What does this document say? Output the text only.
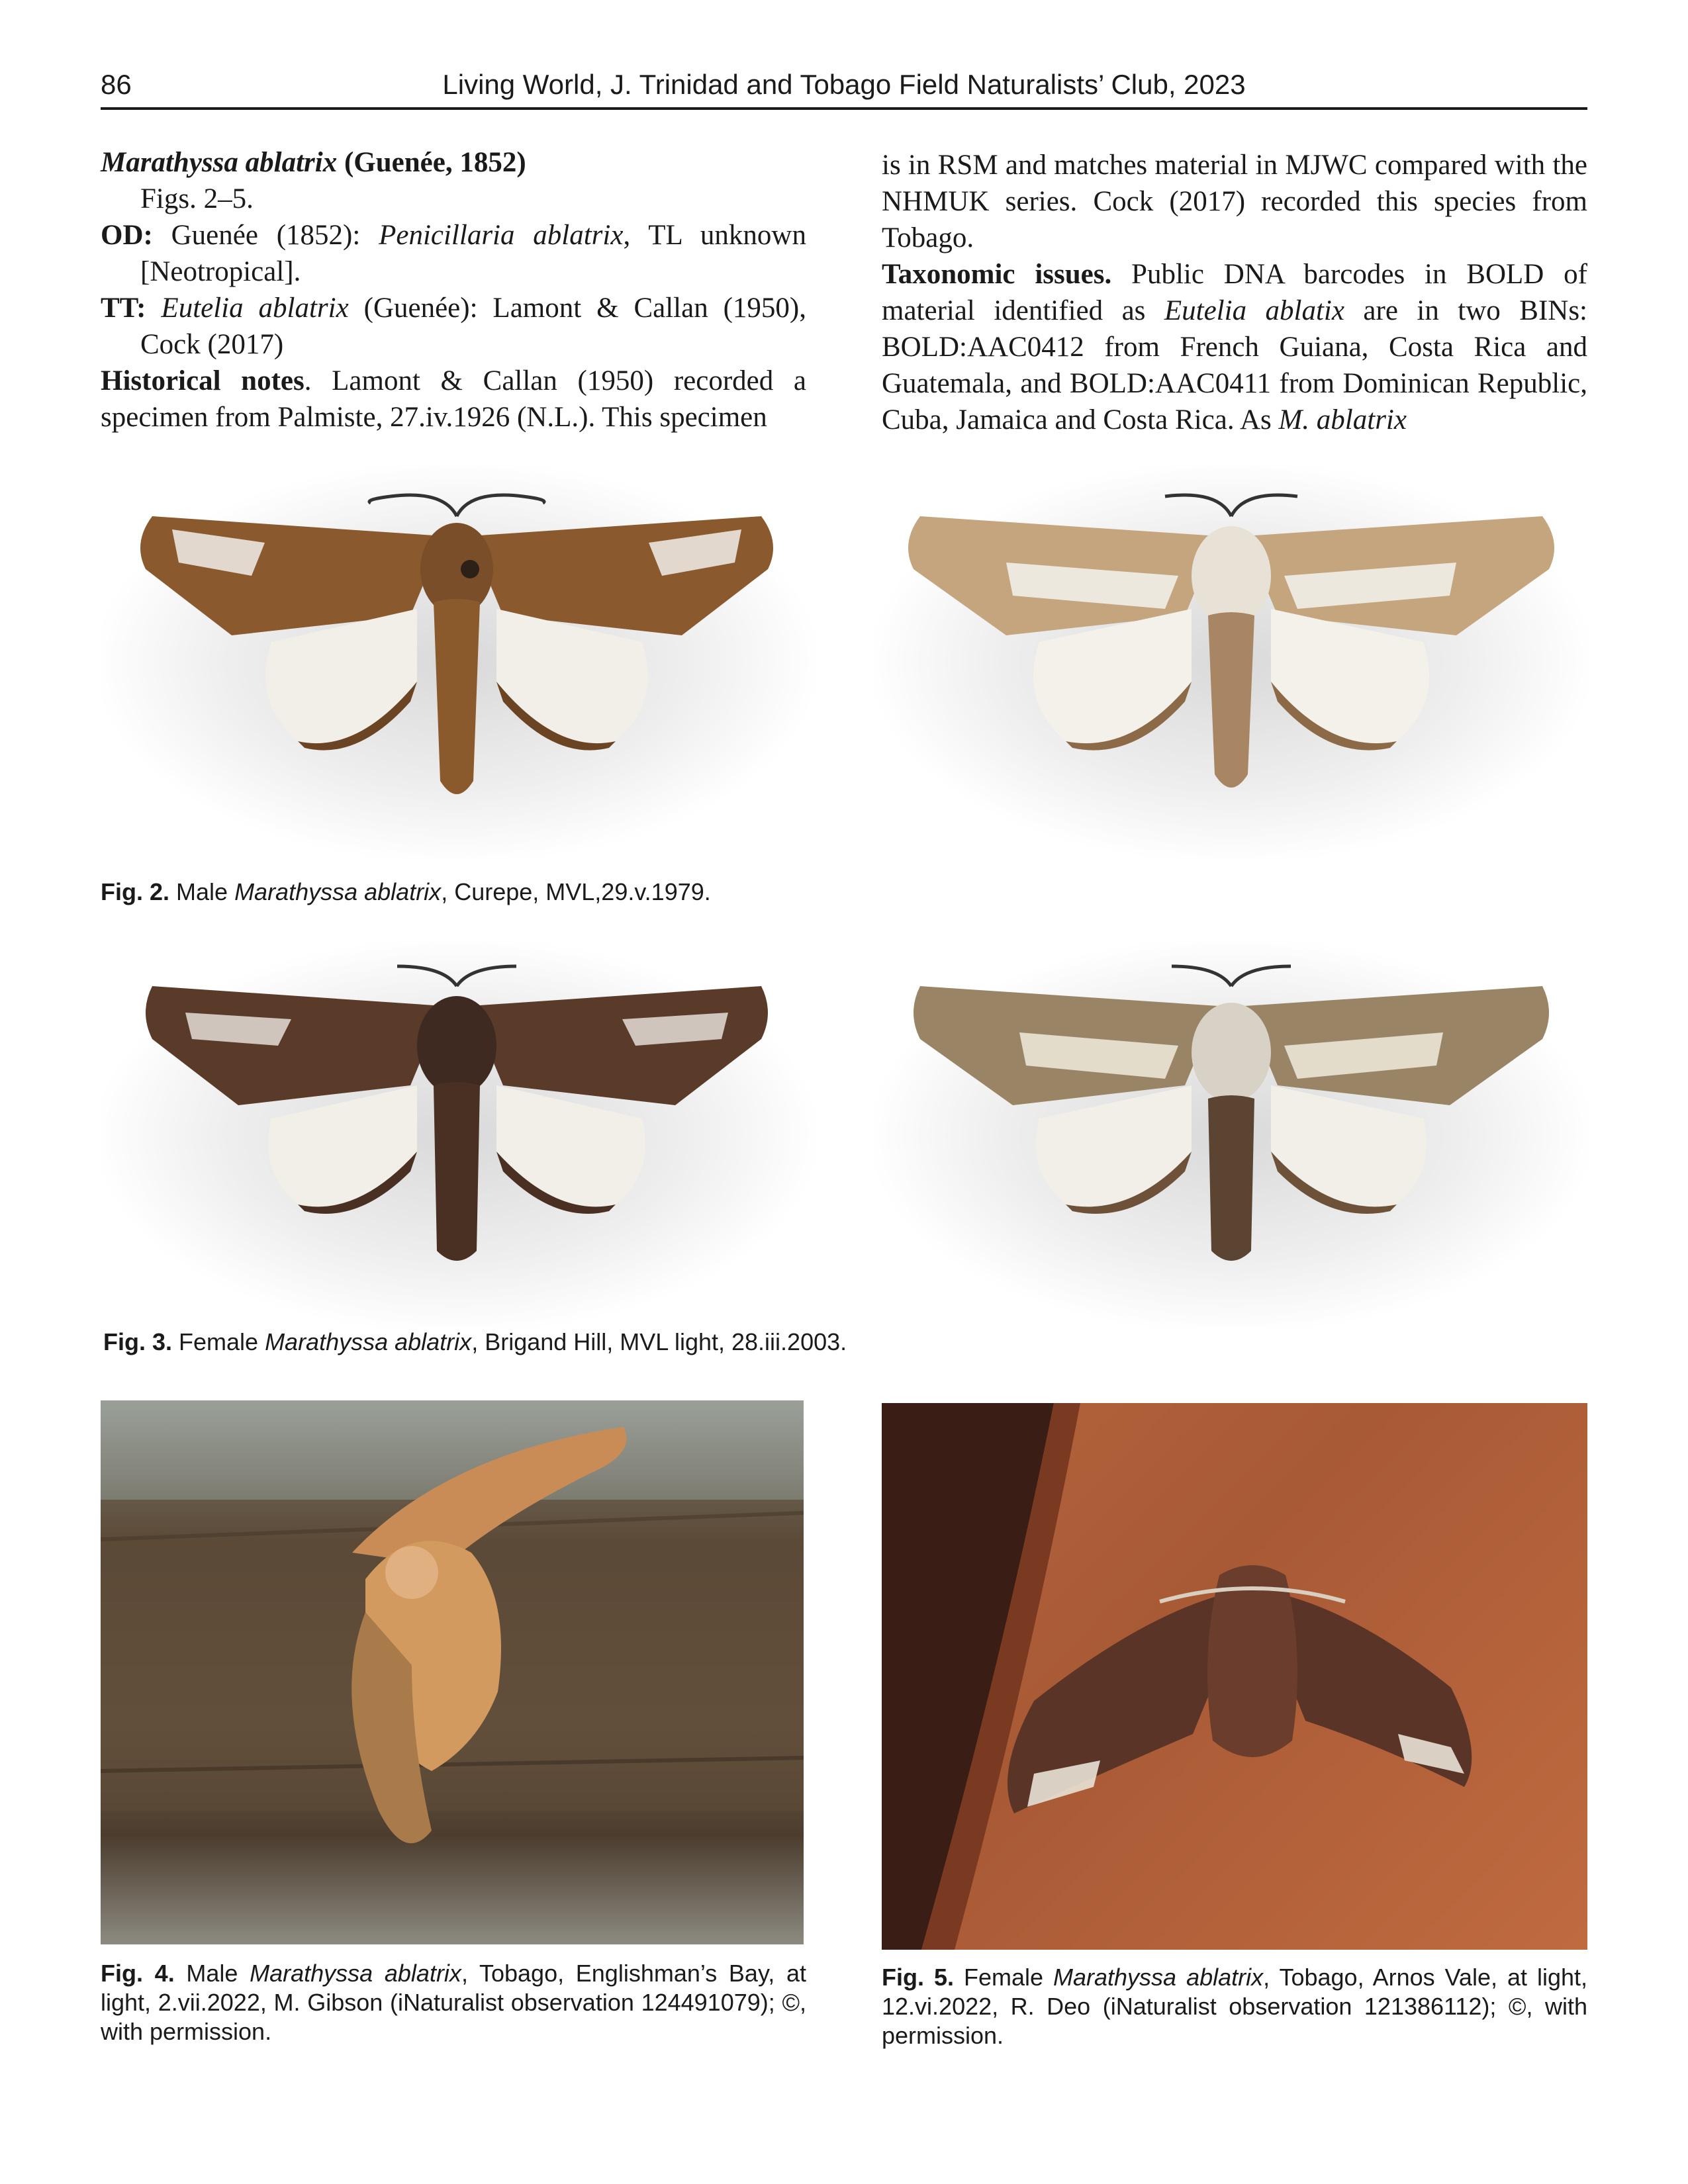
86	Living World, J. Trinidad and Tobago Field Naturalists’ Club, 2023

Marathyssa ablatrix (Guenée, 1852)

Figs. 2–5.

OD: Guenée (1852): Penicillaria ablatrix, TL unknown [Neotropical].

TT: Eutelia ablatrix (Guenée): Lamont & Callan (1950), Cock (2017)

Historical notes. Lamont & Callan (1950) recorded a specimen from Palmiste, 27.iv.1926 (N.L.). This specimen

is in RSM and matches material in MJWC compared with the NHMUK series. Cock (2017) recorded this species from Tobago.

Taxonomic issues. Public DNA barcodes in BOLD of material identified as Eutelia ablatix are in two BINs: BOLD:AAC0412 from French Guiana, Costa Rica and Guatemala, and BOLD:AAC0411 from Dominican Republic, Cuba, Jamaica and Costa Rica. As M. ablatrix

Fig. 2. Male Marathyssa ablatrix, Curepe, MVL,29.v.1979.
Fig. 3. Female Marathyssa ablatrix, Brigand Hill, MVL light, 28.iii.2003.
Fig. 4. Male Marathyssa ablatrix, Tobago, Englishman’s Bay, at light, 2.vii.2022, M. Gibson (iNaturalist observation 124491079); ©, with permission.
Fig. 5. Female Marathyssa ablatrix, Tobago, Arnos Vale, at light, 12.vi.2022, R. Deo (iNaturalist observation 121386112); ©, with permission.
